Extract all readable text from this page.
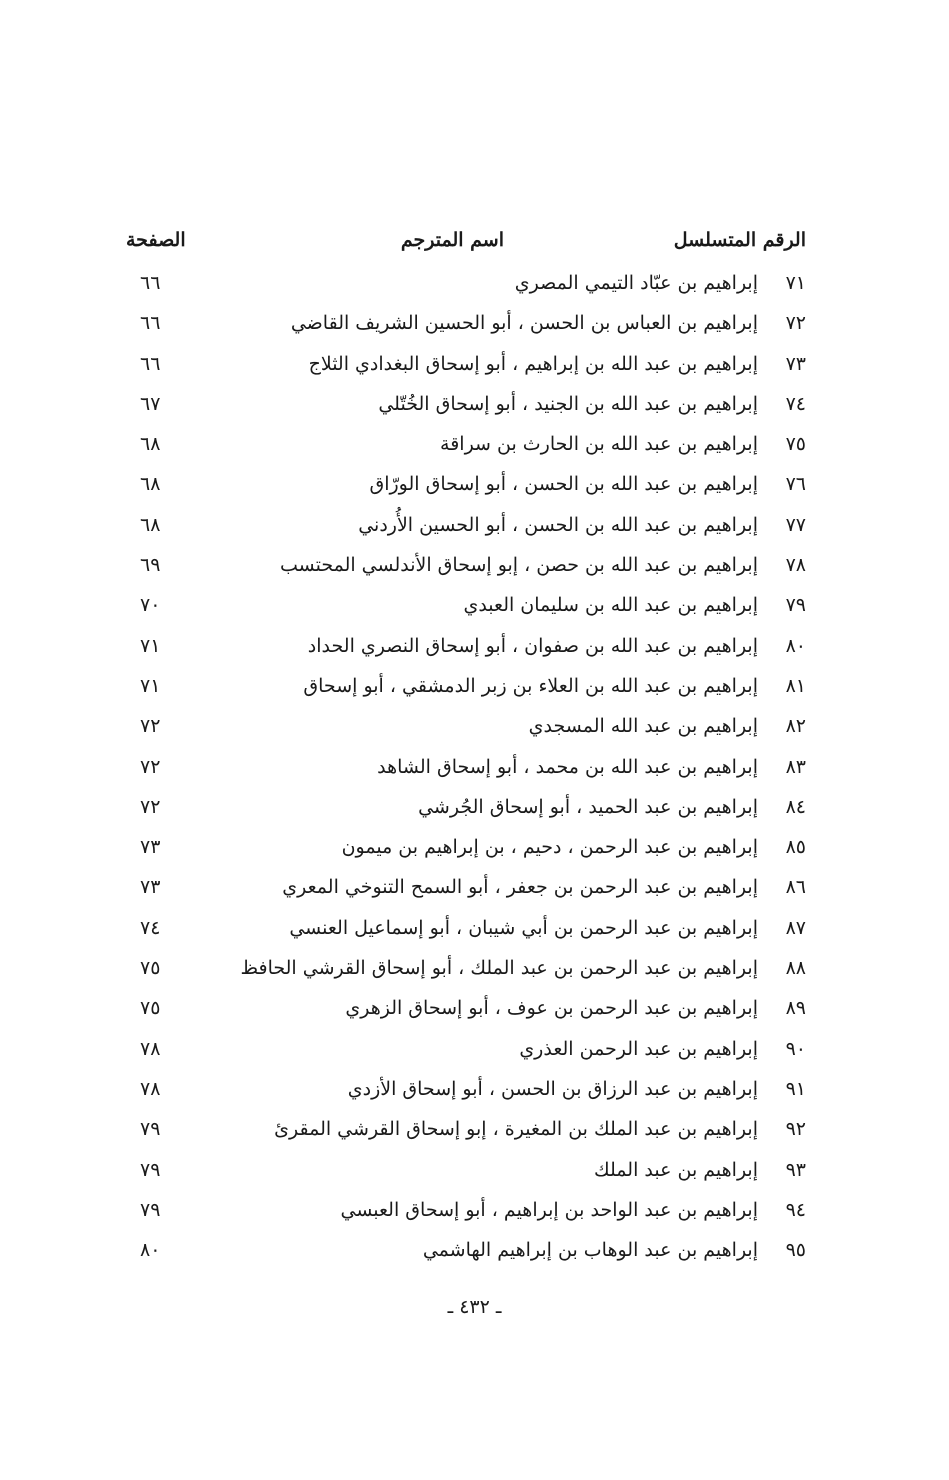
الرقم المتسلسل
اسم المترجم
الصفحة
٧١
إبراهيم بن عبّاد التيمي المصري
٦٦
٧٢
إبراهيم بن العباس بن الحسن ، أبو الحسين الشريف القاضي
٦٦
٧٣
إبراهيم بن عبد الله بن إبراهيم ، أبو إسحاق البغدادي الثلاج
٦٦
٧٤
إبراهيم بن عبد الله بن الجنيد ، أبو إسحاق الخُتّلي
٦٧
٧٥
إبراهيم بن عبد الله بن الحارث بن سراقة
٦٨
٧٦
إبراهيم بن عبد الله بن الحسن ، أبو إسحاق الورّاق
٦٨
٧٧
إبراهيم بن عبد الله بن الحسن ، أبو الحسين الأُردني
٦٨
٧٨
إبراهيم بن عبد الله بن حصن ، إبو إسحاق الأندلسي المحتسب
٦٩
٧٩
إبراهيم بن عبد الله بن سليمان العبدي
٧٠
٨٠
إبراهيم بن عبد الله بن صفوان ، أبو إسحاق النصري الحداد
٧١
٨١
إبراهيم بن عبد الله بن العلاء بن زبر الدمشقي ، أبو إسحاق
٧١
٨٢
إبراهيم بن عبد الله المسجدي
٧٢
٨٣
إبراهيم بن عبد الله بن محمد ، أبو إسحاق الشاهد
٧٢
٨٤
إبراهيم بن عبد الحميد ، أبو إسحاق الجُرشي
٧٢
٨٥
إبراهيم بن عبد الرحمن ، دحيم ، بن إبراهيم بن ميمون
٧٣
٨٦
إبراهيم بن عبد الرحمن بن جعفر ، أبو السمح التنوخي المعري
٧٣
٨٧
إبراهيم بن عبد الرحمن بن أبي شيبان ، أبو إسماعيل العنسي
٧٤
٨٨
إبراهيم بن عبد الرحمن بن عبد الملك ، أبو إسحاق القرشي الحافظ
٧٥
٨٩
إبراهيم بن عبد الرحمن بن عوف ، أبو إسحاق الزهري
٧٥
٩٠
إبراهيم بن عبد الرحمن العذري
٧٨
٩١
إبراهيم بن عبد الرزاق بن الحسن ، أبو إسحاق الأزدي
٧٨
٩٢
إبراهيم بن عبد الملك بن المغيرة ، إبو إسحاق القرشي المقرئ
٧٩
٩٣
إبراهيم بن عبد الملك
٧٩
٩٤
إبراهيم بن عبد الواحد بن إبراهيم ، أبو إسحاق العبسي
٧٩
٩٥
إبراهيم بن عبد الوهاب بن إبراهيم الهاشمي
٨٠
ـ ٤٣٢ ـ
